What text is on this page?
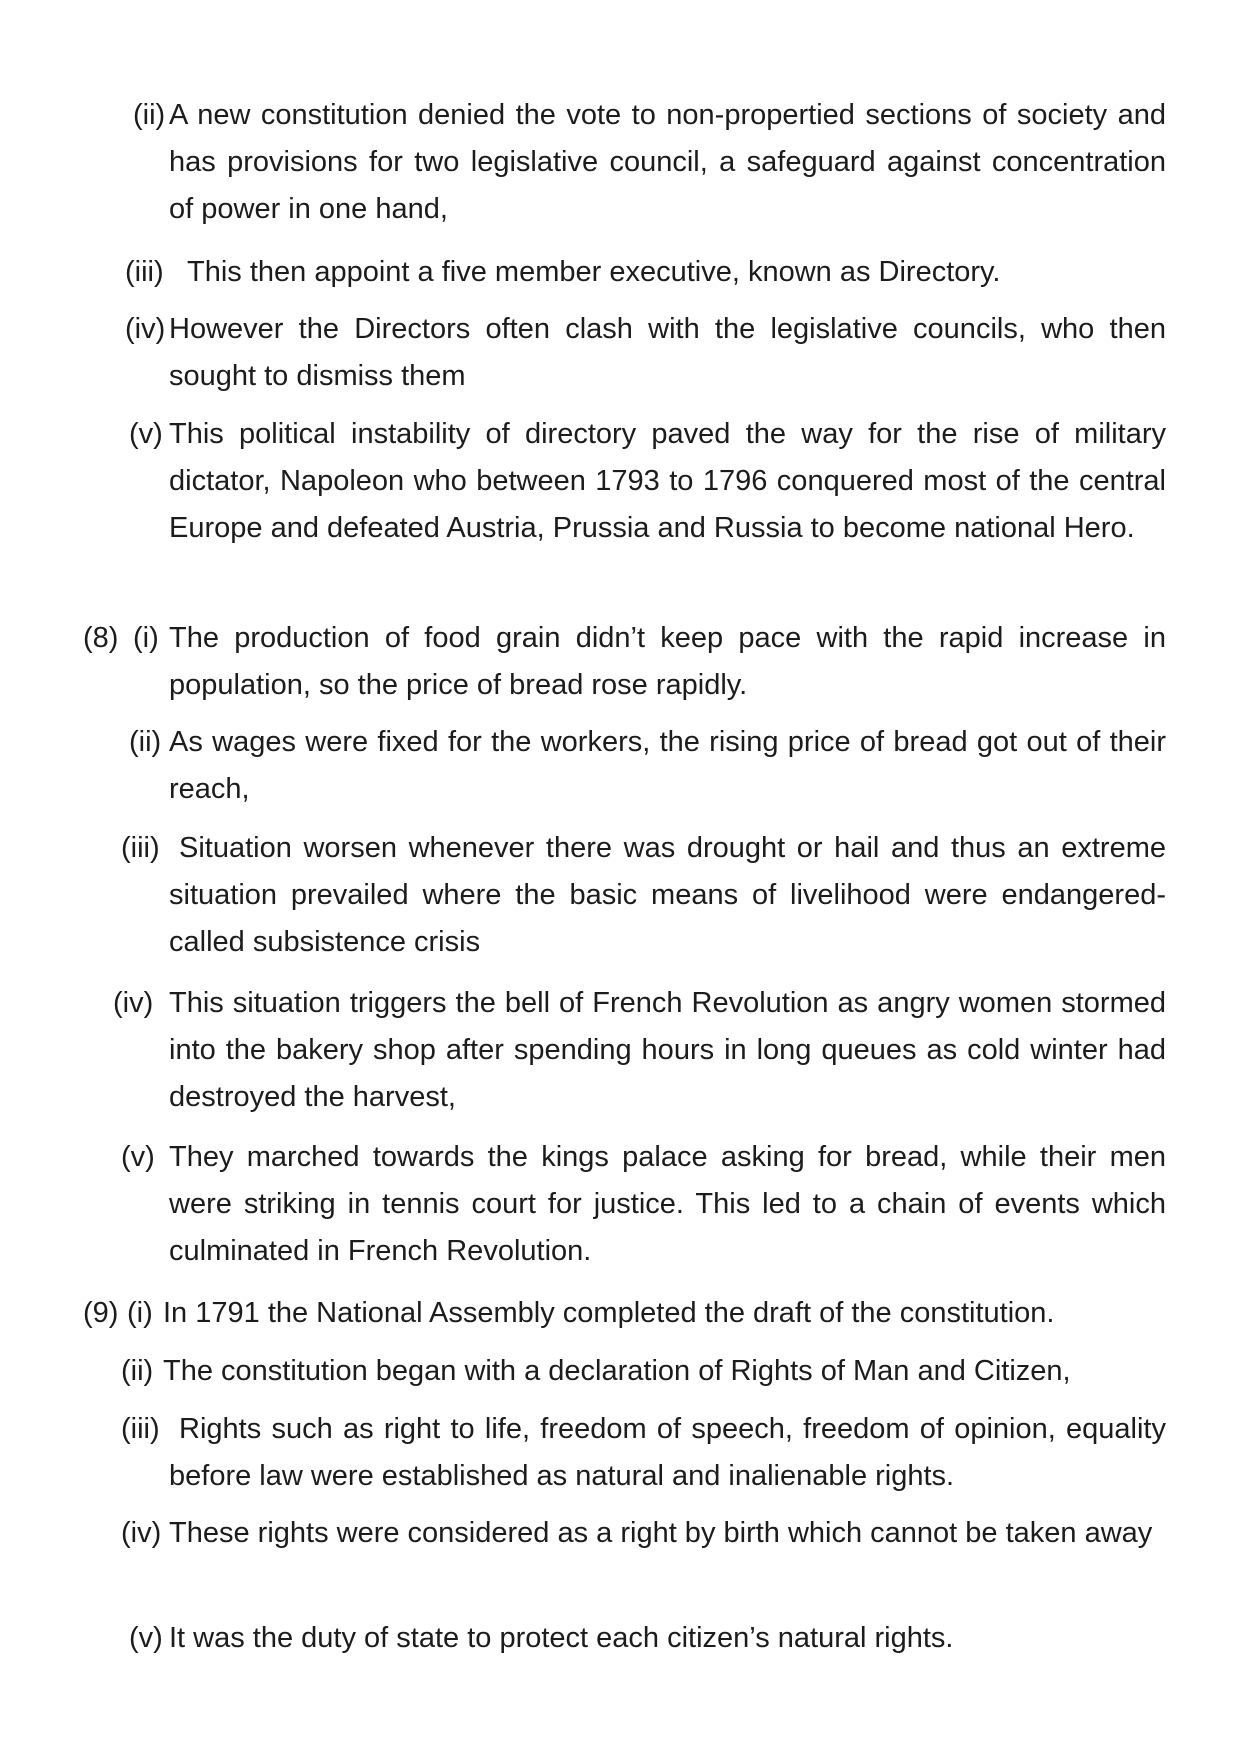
(ii) A new constitution denied the vote to non-propertied sections of society and has provisions for two legislative council, a safeguard against concentration of power in one hand,
(iii) This then appoint a five member executive, known as Directory.
(iv) However the Directors often clash with the legislative councils, who then sought to dismiss them
(v) This political instability of directory paved the way for the rise of military dictator, Napoleon who between 1793 to 1796 conquered most of the central Europe and defeated Austria, Prussia and Russia to become national Hero.
(8) (i) The production of food grain didn’t keep pace with the rapid increase in population, so the price of bread rose rapidly.
(ii) As wages were fixed for the workers, the rising price of bread got out of their reach,
(iii) Situation worsen whenever there was drought or hail and thus an extreme situation prevailed where the basic means of livelihood were endangered-called subsistence crisis
(iv) This situation triggers the bell of French Revolution as angry women stormed into the bakery shop after spending hours in long queues as cold winter had destroyed the harvest,
(v) They marched towards the kings palace asking for bread, while their men were striking in tennis court for justice. This led to a chain of events which culminated in French Revolution.
(9) (i) In 1791 the National Assembly completed the draft of the constitution.
(ii) The constitution began with a declaration of Rights of Man and Citizen,
(iii) Rights such as right to life, freedom of speech, freedom of opinion, equality before law were established as natural and inalienable rights.
(iv) These rights were considered as a right by birth which cannot be taken away
(v) It was the duty of state to protect each citizen’s natural rights.
